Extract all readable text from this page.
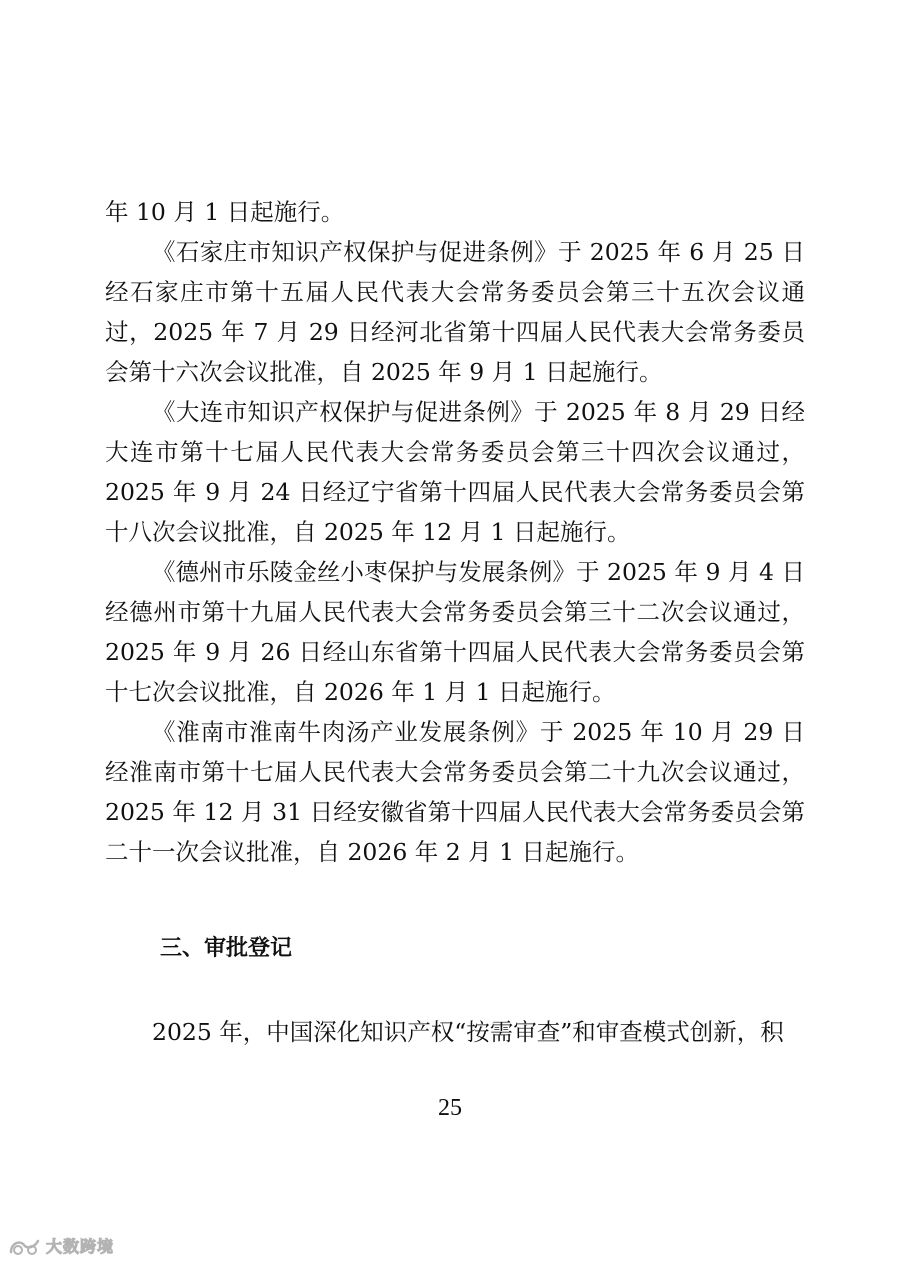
年 10 月 1 日起施行。

《石家庄市知识产权保护与促进条例》于 2025 年 6 月 25 日经石家庄市第十五届人民代表大会常务委员会第三十五次会议通过，2025 年 7 月 29 日经河北省第十四届人民代表大会常务委员会第十六次会议批准，自 2025 年 9 月 1 日起施行。

《大连市知识产权保护与促进条例》于 2025 年 8 月 29 日经大连市第十七届人民代表大会常务委员会第三十四次会议通过，2025 年 9 月 24 日经辽宁省第十四届人民代表大会常务委员会第十八次会议批准，自 2025 年 12 月 1 日起施行。

《德州市乐陵金丝小枣保护与发展条例》于 2025 年 9 月 4 日经德州市第十九届人民代表大会常务委员会第三十二次会议通过，2025 年 9 月 26 日经山东省第十四届人民代表大会常务委员会第十七次会议批准，自 2026 年 1 月 1 日起施行。

《淮南市淮南牛肉汤产业发展条例》于 2025 年 10 月 29 日经淮南市第十七届人民代表大会常务委员会第二十九次会议通过，2025 年 12 月 31 日经安徽省第十四届人民代表大会常务委员会第二十一次会议批准，自 2026 年 2 月 1 日起施行。

三、审批登记
2025 年，中国深化知识产权“按需审查”和审查模式创新，积
25
大数跨境
